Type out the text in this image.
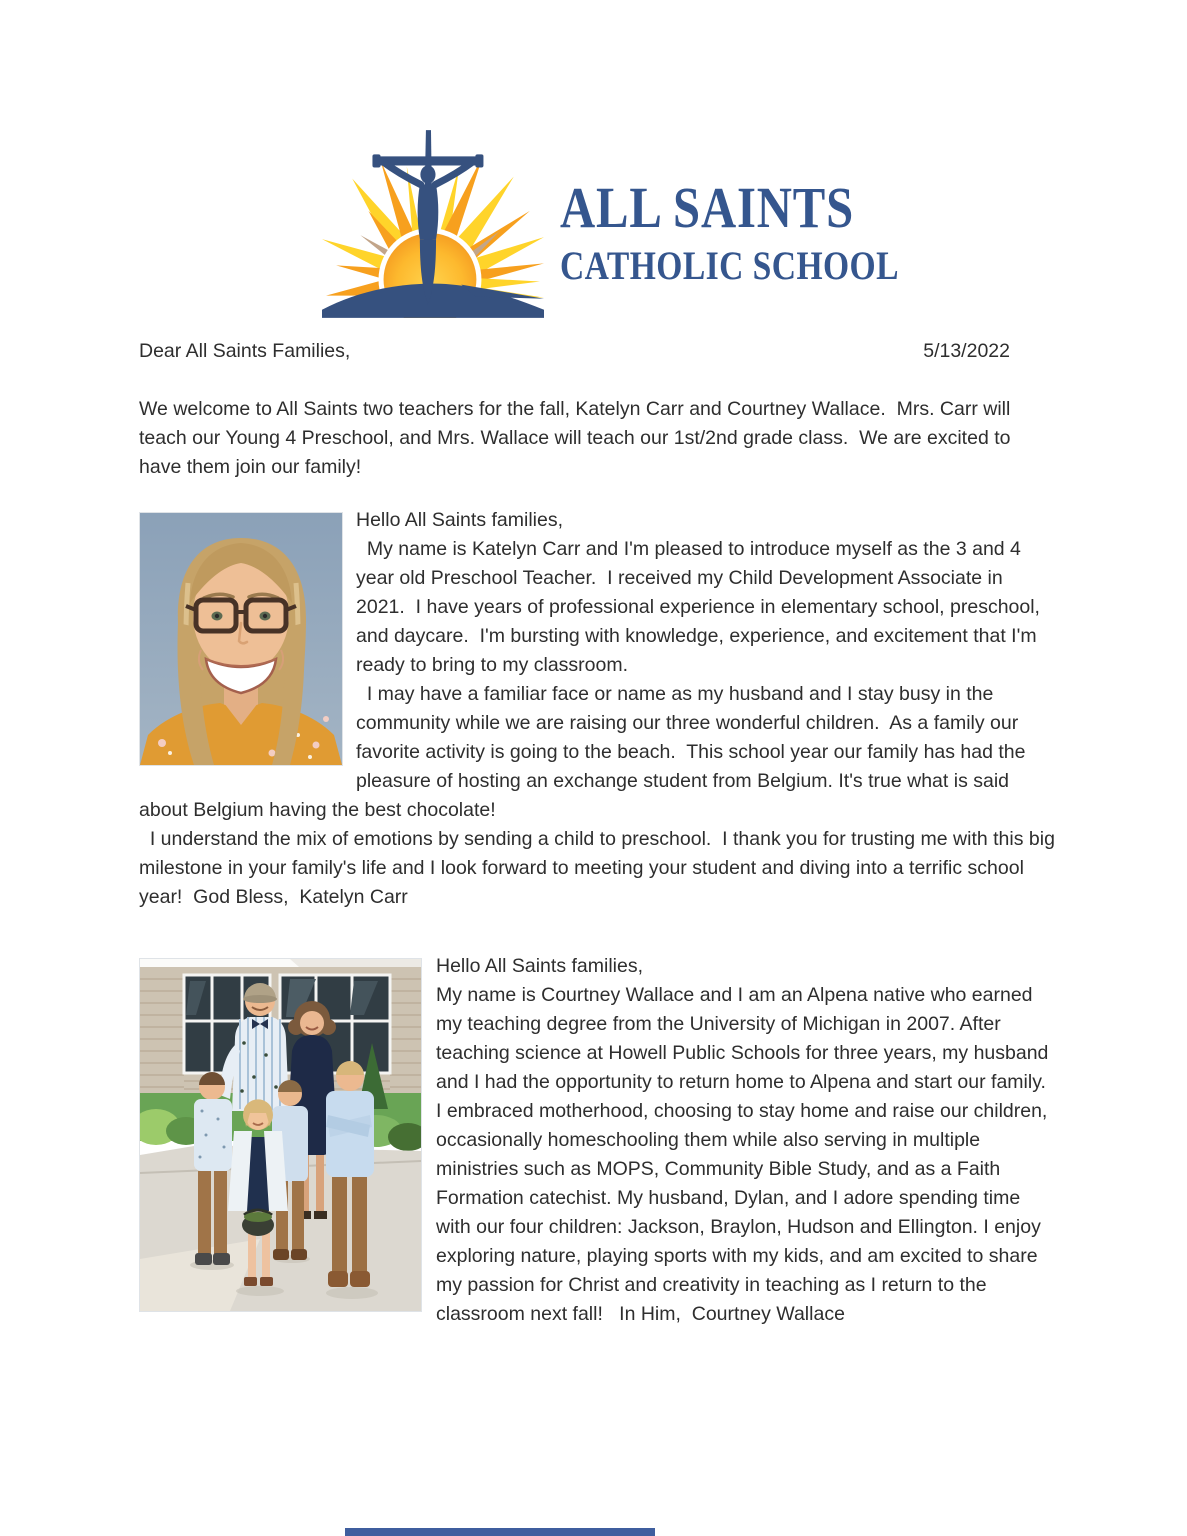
ALL SAINTS
CATHOLIC SCHOOL
Dear All Saints Families,	5/13/2022
We welcome to All Saints two teachers for the fall, Katelyn Carr and Courtney Wallace.  Mrs. Carr will teach our Young 4 Preschool, and Mrs. Wallace will teach our 1st/2nd grade class.  We are excited to have them join our family!
Hello All Saints families,
My name is Katelyn Carr and I'm pleased to introduce myself as the 3 and 4 year old Preschool Teacher.  I received my Child Development Associate in 2021.  I have years of professional experience in elementary school, preschool, and daycare.  I'm bursting with knowledge, experience, and excitement that I'm ready to bring to my classroom.
I may have a familiar face or name as my husband and I stay busy in the community while we are raising our three wonderful children.  As a family our favorite activity is going to the beach.  This school year our family has had the pleasure of hosting an exchange student from Belgium. It's true what is said about Belgium having the best chocolate!
I understand the mix of emotions by sending a child to preschool.  I thank you for trusting me with this big milestone in your family's life and I look forward to meeting your student and diving into a terrific school year!  God Bless,  Katelyn Carr
Hello All Saints families,
My name is Courtney Wallace and I am an Alpena native who earned my teaching degree from the University of Michigan in 2007. After teaching science at Howell Public Schools for three years, my husband and I had the opportunity to return home to Alpena and start our family. I embraced motherhood, choosing to stay home and raise our children, occasionally homeschooling them while also serving in multiple ministries such as MOPS, Community Bible Study, and as a Faith Formation catechist. My husband, Dylan, and I adore spending time with our four children: Jackson, Braylon, Hudson and Ellington. I enjoy exploring nature, playing sports with my kids, and am excited to share my passion for Christ and creativity in teaching as I return to the classroom next fall!   In Him,  Courtney Wallace
